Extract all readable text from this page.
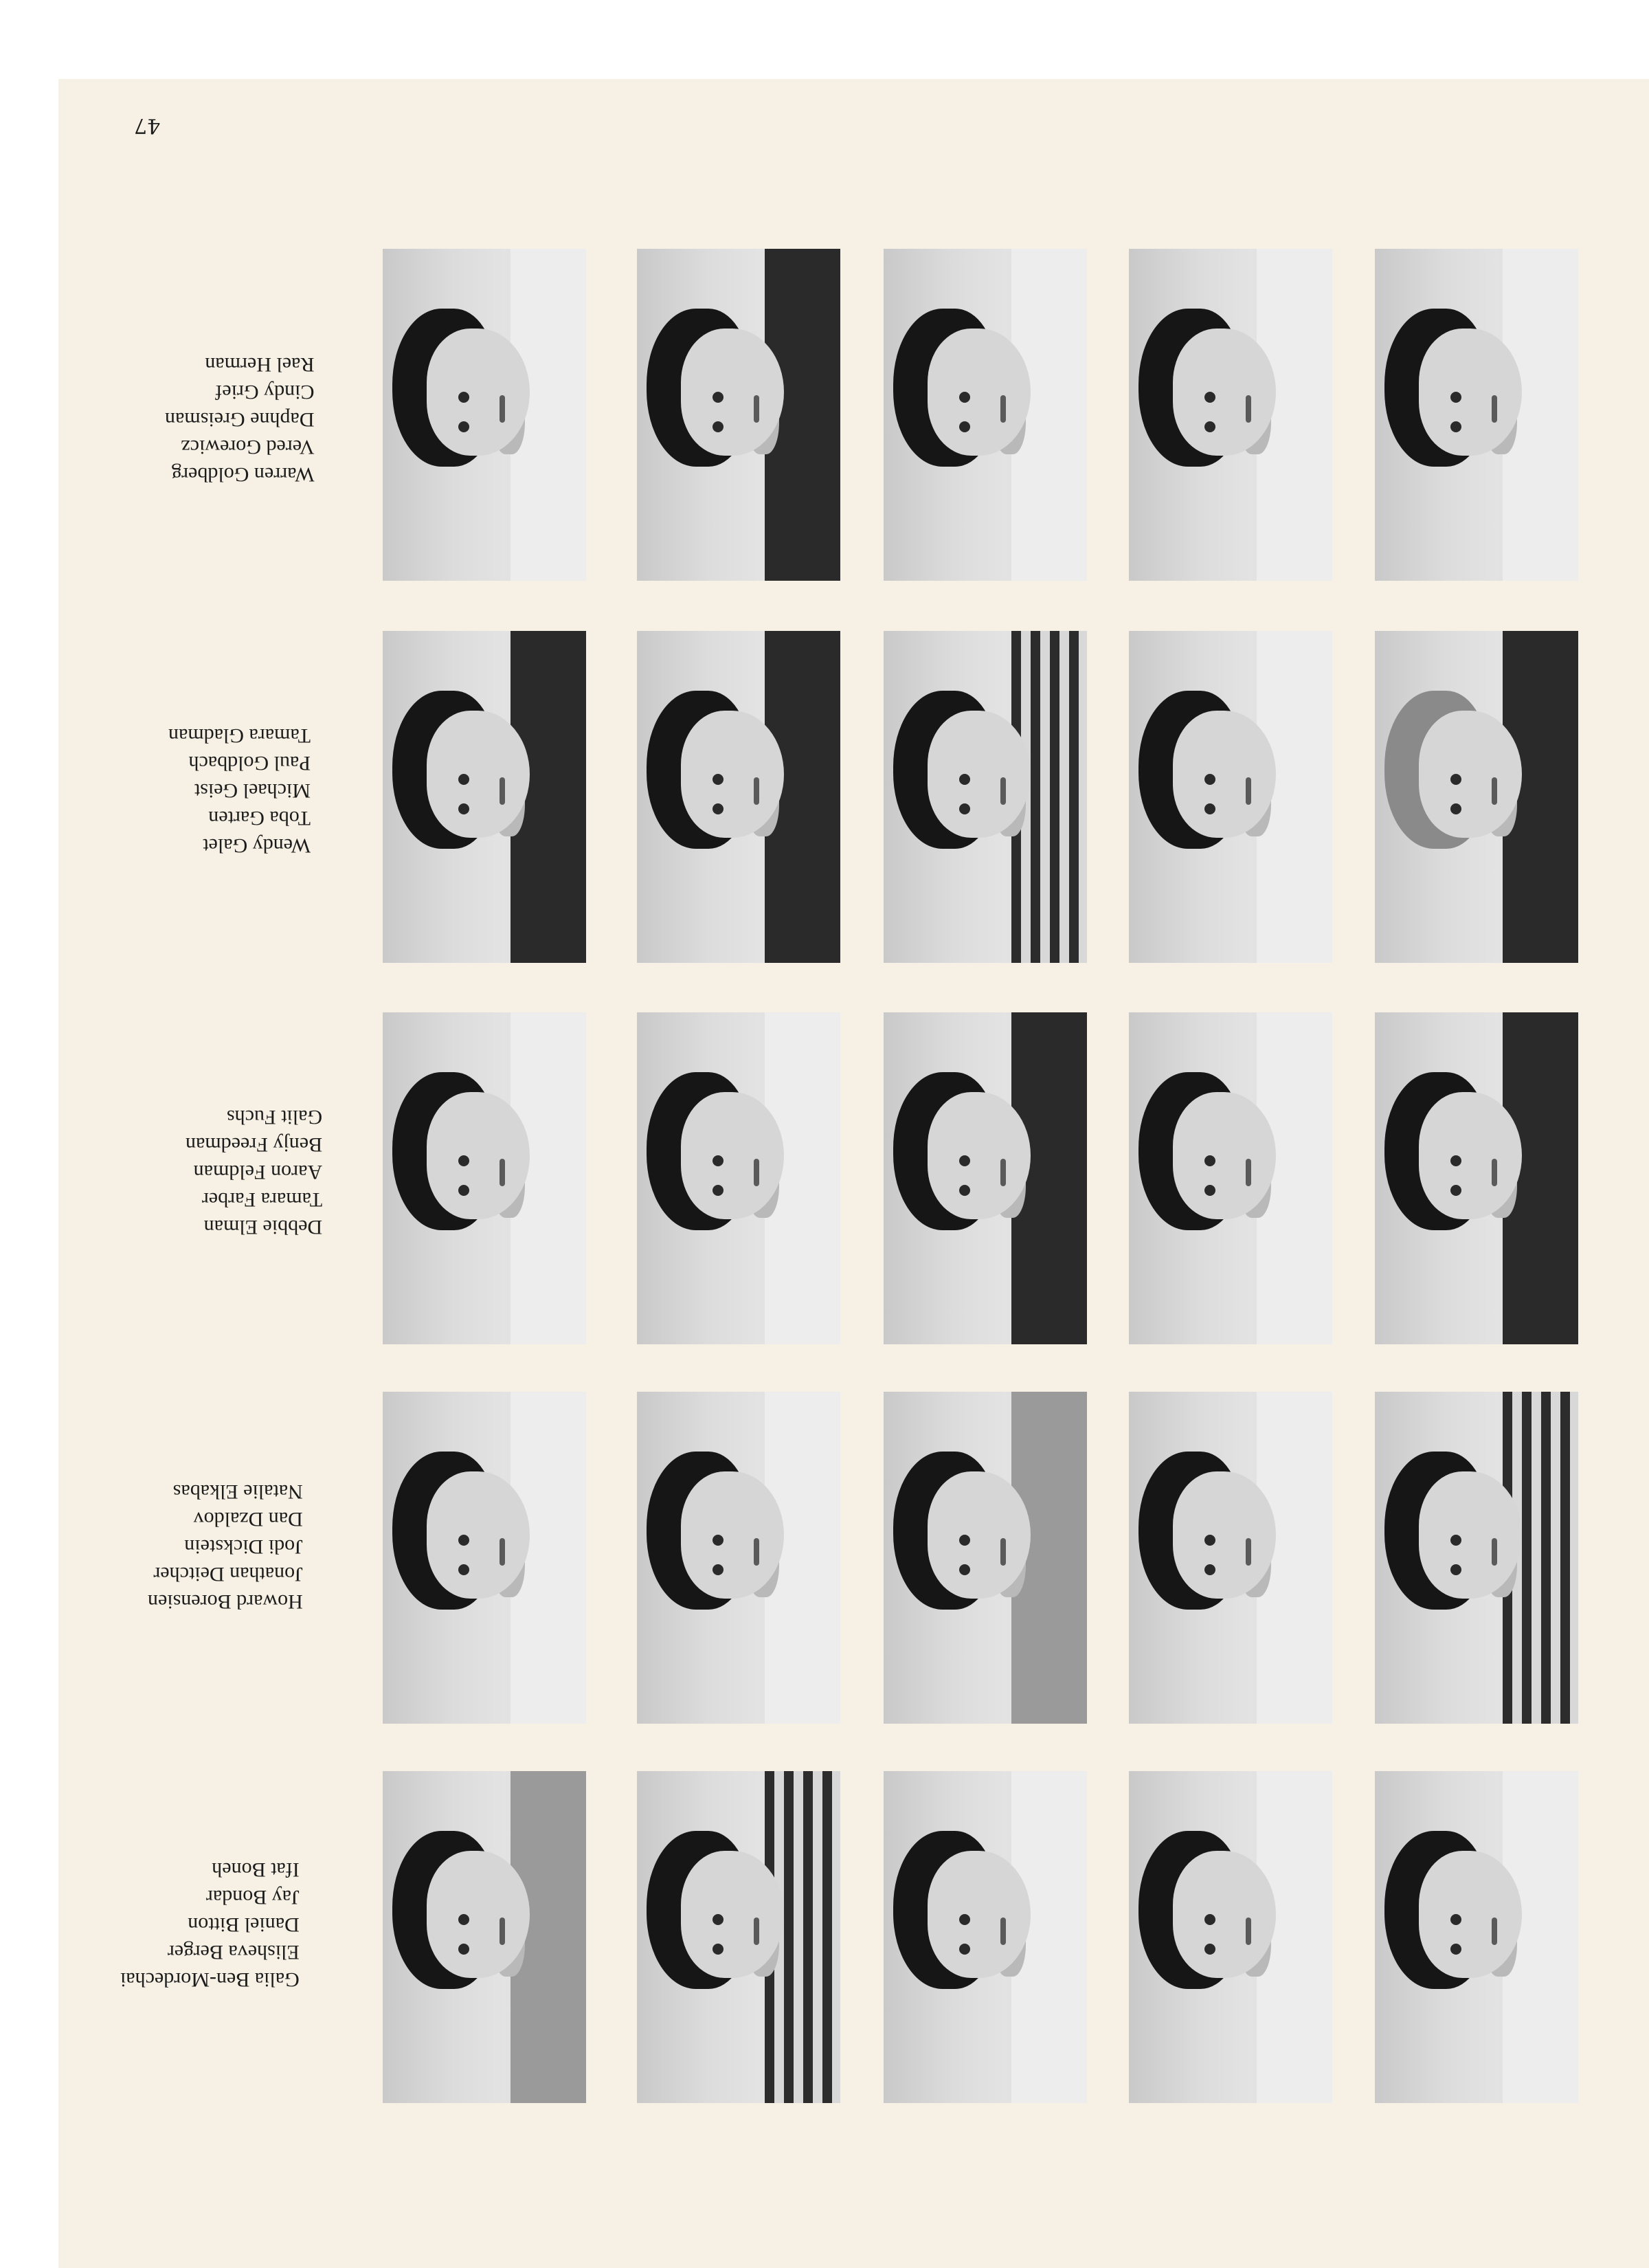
47
Galia Ben-Mordechai
Elisheva Berger
Daniel Bitton
Jay Bondar
Ifat Boneh
Howard Borensien
Jonathan Deitcher
Jodi Dickstein
Dan Dzaldov
Natalie Elkabas
Debbie Elman
Tamara Farber
Aaron Feldman
Benjy Freedman
Galit Fuchs
Wendy Galet
Toba Garten
Michael Geist
Paul Goldbach
Tamara Gladman
Warren Goldberg
Vered Gorewicz
Daphne Greisman
Cindy Grief
Rael Herman
